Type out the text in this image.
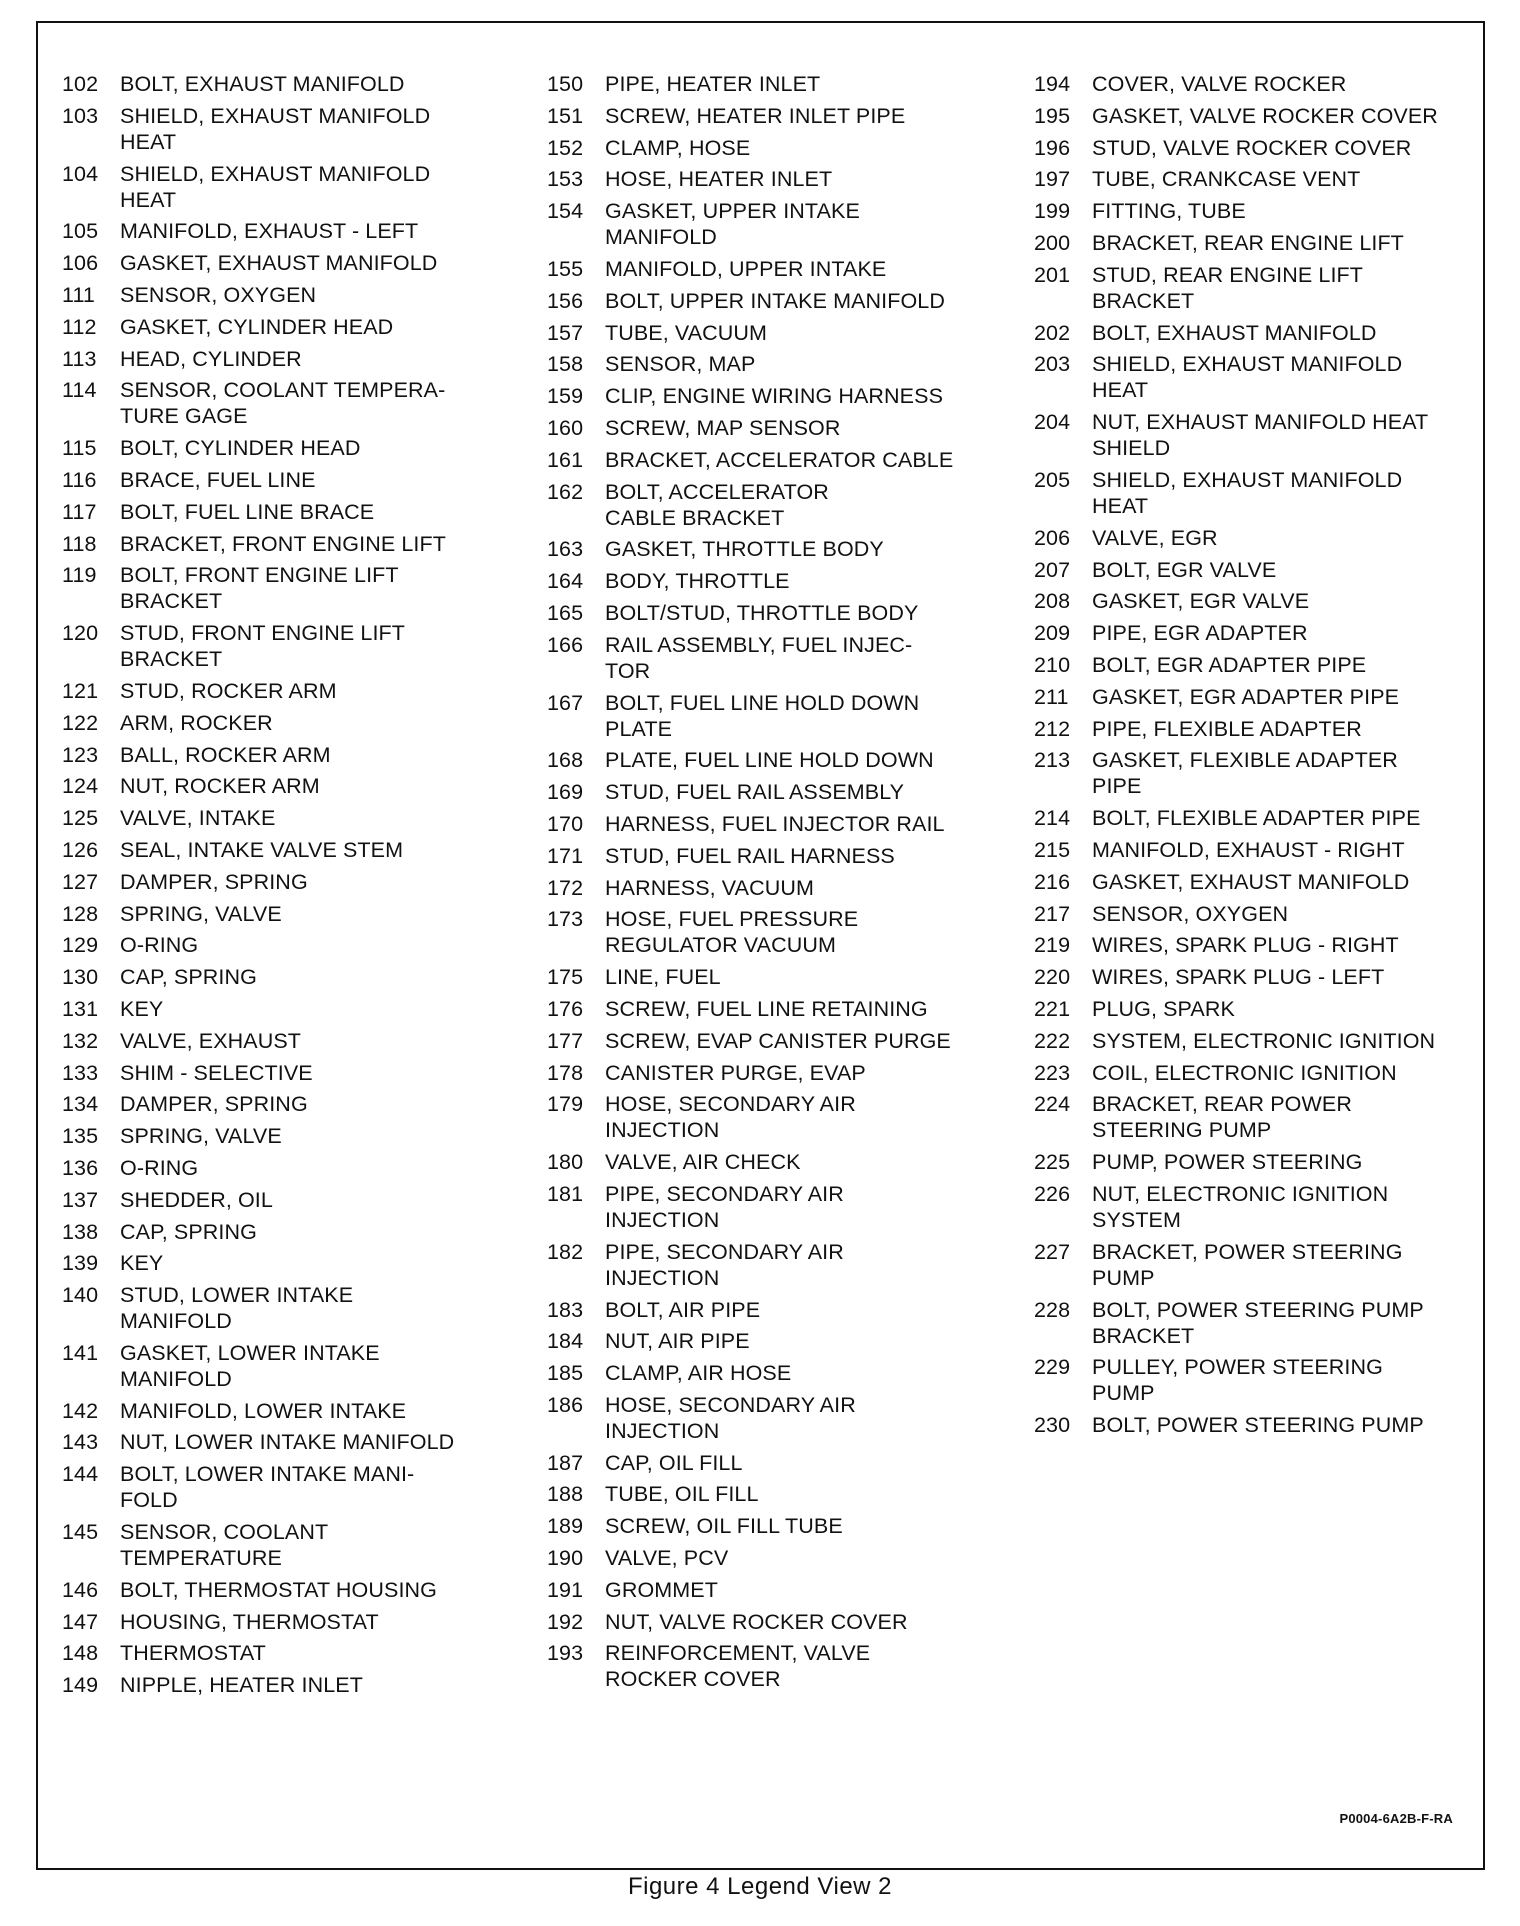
102	BOLT, EXHAUST MANIFOLD
103	SHIELD, EXHAUST MANIFOLD
HEAT
104	SHIELD, EXHAUST MANIFOLD
HEAT
105	MANIFOLD, EXHAUST - LEFT
106	GASKET, EXHAUST MANIFOLD
111	SENSOR, OXYGEN
112	GASKET, CYLINDER HEAD
113	HEAD, CYLINDER
114	SENSOR, COOLANT TEMPERA-
TURE GAGE
115	BOLT, CYLINDER HEAD
116	BRACE, FUEL LINE
117	BOLT, FUEL LINE BRACE
118	BRACKET, FRONT ENGINE LIFT
119	BOLT, FRONT ENGINE LIFT
BRACKET
120	STUD, FRONT ENGINE LIFT
BRACKET
121	STUD, ROCKER ARM
122	ARM, ROCKER
123	BALL, ROCKER ARM
124	NUT, ROCKER ARM
125	VALVE, INTAKE
126	SEAL, INTAKE VALVE STEM
127	DAMPER, SPRING
128	SPRING, VALVE
129	O-RING
130	CAP, SPRING
131	KEY
132	VALVE, EXHAUST
133	SHIM - SELECTIVE
134	DAMPER, SPRING
135	SPRING, VALVE
136	O-RING
137	SHEDDER, OIL
138	CAP, SPRING
139	KEY
140	STUD, LOWER INTAKE
MANIFOLD
141	GASKET, LOWER INTAKE
MANIFOLD
142	MANIFOLD, LOWER INTAKE
143	NUT, LOWER INTAKE MANIFOLD
144	BOLT, LOWER INTAKE MANI-
FOLD
145	SENSOR, COOLANT
TEMPERATURE
146	BOLT, THERMOSTAT HOUSING
147	HOUSING, THERMOSTAT
148	THERMOSTAT
149	NIPPLE, HEATER INLET
150	PIPE, HEATER INLET
151	SCREW, HEATER INLET PIPE
152	CLAMP, HOSE
153	HOSE, HEATER INLET
154	GASKET, UPPER INTAKE
MANIFOLD
155	MANIFOLD, UPPER INTAKE
156	BOLT, UPPER INTAKE MANIFOLD
157	TUBE, VACUUM
158	SENSOR, MAP
159	CLIP, ENGINE WIRING HARNESS
160	SCREW, MAP SENSOR
161	BRACKET, ACCELERATOR CABLE
162	BOLT, ACCELERATOR
CABLE BRACKET
163	GASKET, THROTTLE BODY
164	BODY, THROTTLE
165	BOLT/STUD, THROTTLE BODY
166	RAIL ASSEMBLY, FUEL INJEC-
TOR
167	BOLT, FUEL LINE HOLD DOWN
PLATE
168	PLATE, FUEL LINE HOLD DOWN
169	STUD, FUEL RAIL ASSEMBLY
170	HARNESS, FUEL INJECTOR RAIL
171	STUD, FUEL RAIL HARNESS
172	HARNESS, VACUUM
173	HOSE, FUEL PRESSURE
REGULATOR VACUUM
175	LINE, FUEL
176	SCREW, FUEL LINE RETAINING
177	SCREW, EVAP CANISTER PURGE
178	CANISTER PURGE, EVAP
179	HOSE, SECONDARY AIR
INJECTION
180	VALVE, AIR CHECK
181	PIPE, SECONDARY AIR
INJECTION
182	PIPE, SECONDARY AIR
INJECTION
183	BOLT, AIR PIPE
184	NUT, AIR PIPE
185	CLAMP, AIR HOSE
186	HOSE, SECONDARY AIR
INJECTION
187	CAP, OIL FILL
188	TUBE, OIL FILL
189	SCREW, OIL FILL TUBE
190	VALVE, PCV
191	GROMMET
192	NUT, VALVE ROCKER COVER
193	REINFORCEMENT, VALVE
ROCKER COVER
194	COVER, VALVE ROCKER
195	GASKET, VALVE ROCKER COVER
196	STUD, VALVE ROCKER COVER
197	TUBE, CRANKCASE VENT
199	FITTING, TUBE
200	BRACKET, REAR ENGINE LIFT
201	STUD, REAR ENGINE LIFT
BRACKET
202	BOLT, EXHAUST MANIFOLD
203	SHIELD, EXHAUST MANIFOLD
HEAT
204	NUT, EXHAUST MANIFOLD HEAT
SHIELD
205	SHIELD, EXHAUST MANIFOLD
HEAT
206	VALVE, EGR
207	BOLT, EGR VALVE
208	GASKET, EGR VALVE
209	PIPE, EGR ADAPTER
210	BOLT, EGR ADAPTER PIPE
211	GASKET, EGR ADAPTER PIPE
212	PIPE, FLEXIBLE ADAPTER
213	GASKET, FLEXIBLE ADAPTER
PIPE
214	BOLT, FLEXIBLE ADAPTER PIPE
215	MANIFOLD, EXHAUST - RIGHT
216	GASKET, EXHAUST MANIFOLD
217	SENSOR, OXYGEN
219	WIRES, SPARK PLUG - RIGHT
220	WIRES, SPARK PLUG - LEFT
221	PLUG, SPARK
222	SYSTEM, ELECTRONIC IGNITION
223	COIL, ELECTRONIC IGNITION
224	BRACKET, REAR POWER
STEERING PUMP
225	PUMP, POWER STEERING
226	NUT, ELECTRONIC IGNITION
SYSTEM
227	BRACKET, POWER STEERING
PUMP
228	BOLT, POWER STEERING PUMP
BRACKET
229	PULLEY, POWER STEERING
PUMP
230	BOLT, POWER STEERING PUMP
P0004-6A2B-F-RA
Figure 4 Legend View 2
